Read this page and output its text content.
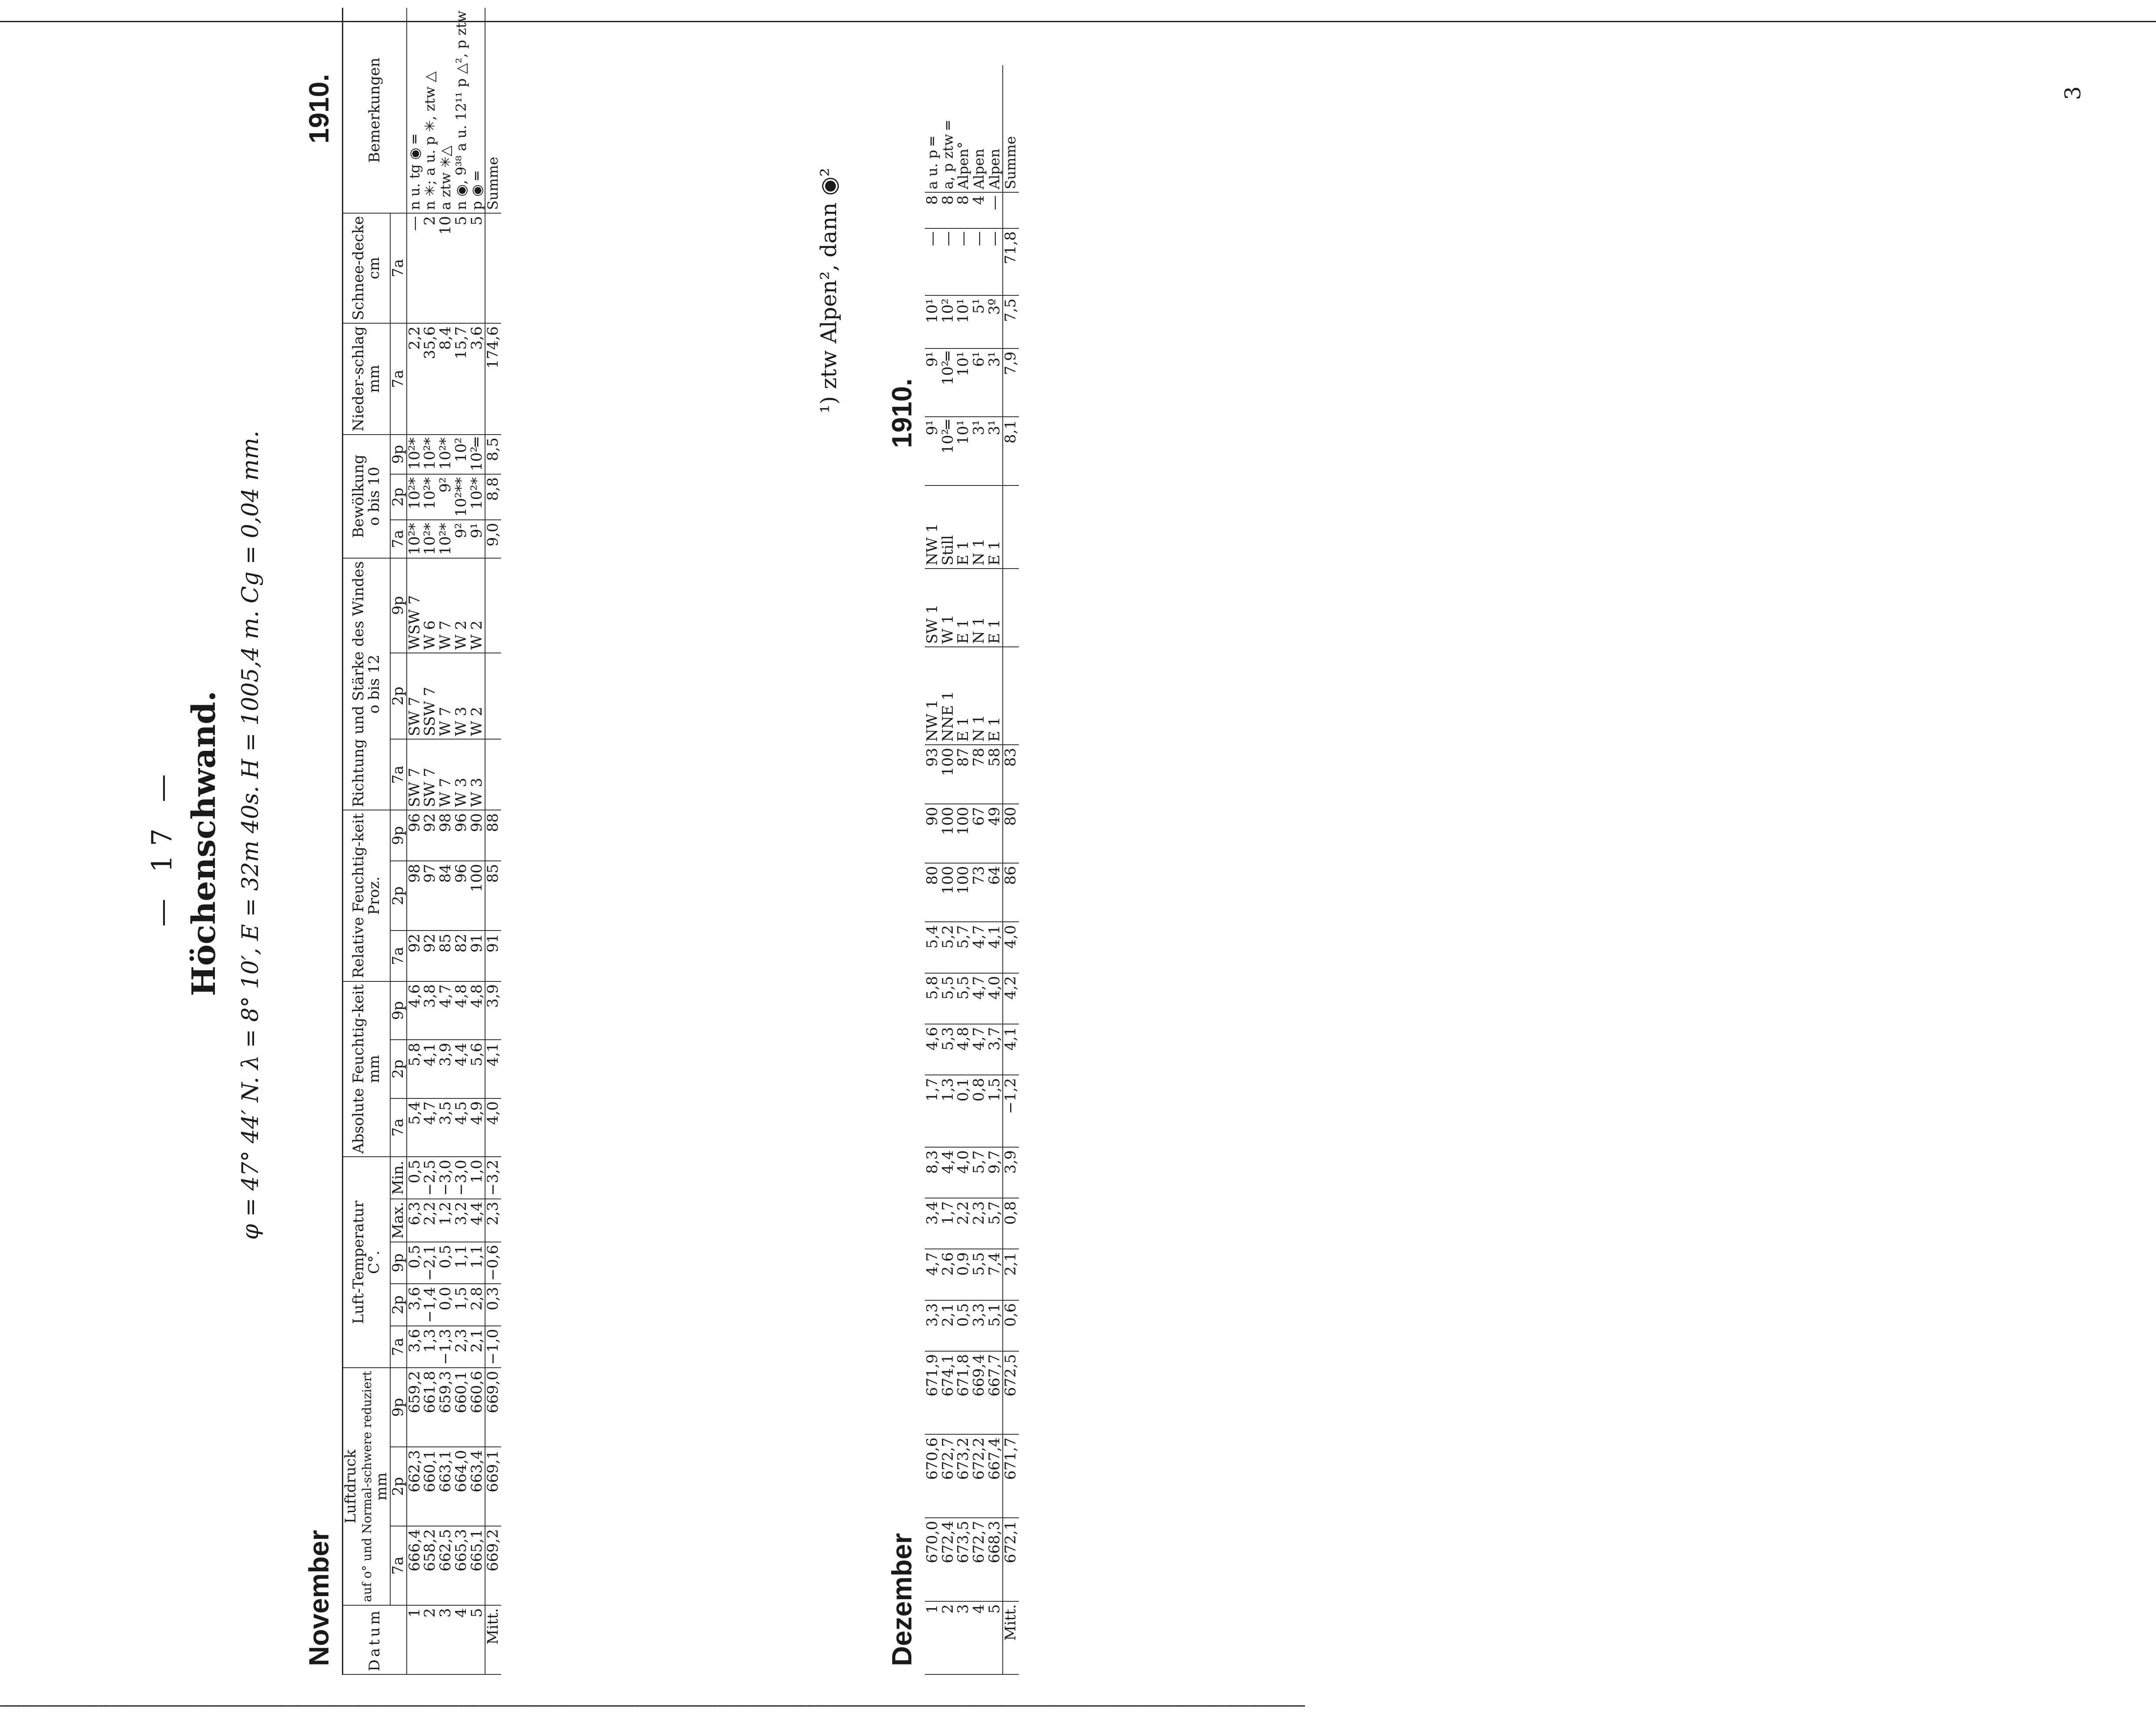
— 17 — Höchenschwand. φ = 47° 44′ N. λ = 8° 10′, E = 32m 40s. H = 1005,4 m. Cg = 0,04 mm.
November
1910.
Datum	Luftdruck
auf o° und Normal-schwere reduziert
mm			Luft-Temperatur
C°.					Absolute Feuchtig-keit
mm			Relative Feuchtig-keit
Proz.			Richtung und Stärke des Windes
o bis 12			Bewölkung
o bis 10			Nieder-schlag
mm	Schnee-decke
cm	Bemerkungen
	7a	2p	9p	7a	2p	9p	Max.	Min.	7a	2p	9p	7a	2p	9p	7a	2p	9p	7a	2p	9p	7a	7a	
1	666,4	662,3	659,2	3,6	3,6	0,5	6,3	0,5	5,4	5,8	4,6	92	98	96	SW 7	SW 7	WSW 7	10²*	10²*	10²*	2,2	—	n u. tg ◉ ═
2	658,2	660,1	661,8	1,3	−1,4	−2,1	2,2	−2,5	4,7	4,1	3,8	92	97	92	SW 7	SSW 7	W 6	10²*	10²*	10²*	35,6	2	n ✳; a u. p ✳, ztw △
3	662,5	663,1	659,3	−1,3	0,0	0,5	1,2	−3,0	3,5	3,9	4,7	85	84	98	W 7	W 7	W 7	10²*	9²	10²*	8,4	10	a ztw ✳△
4	665,3	664,0	660,1	2,3	1,5	1,1	3,2	−3,0	4,5	4,4	4,8	82	96	96	W 3	W 3	W 2	9²	10²**	10²	15,7	5	n ◉, 9³⁸ a u. 12¹¹ p △², p ztw
5	665,1	663,4	660,6	2,1	2,8	1,1	4,4	1,0	4,9	5,6	4,8	91	100	90	W 3	W 2	W 2	9¹	10²*	10²═	3,6	5	p ◉ ═
Mitt.	669,2	669,1	669,0	−1,0	0,3	−0,6	2,3	−3,2	4,0	4,1	3,9	91	85	88				9,0	8,8	8,5	174,6		Summe
Dezember
1910.
1	670,0	670,6	671,9	3,3	4,7	3,4	8,3	1,7	4,6	5,8	5,4	80	90	93	NW 1	SW 1	NW 1	9¹	9¹	10¹	—	8	a u. p ═
2	672,4	672,7	674,1	2,1	2,6	1,7	4,4	1,3	5,3	5,5	5,2	100	100	100	NNE 1	W 1	Still	10²═	10²═	10²	—	8	a, p ztw ═
3	673,5	673,2	671,8	0,5	0,9	2,2	4,0	0,1	4,8	5,5	5,7	100	100	87	E 1	E 1	E 1	10¹	10¹	10¹	—	8	Alpen°
4	672,7	672,2	669,4	3,3	5,5	2,3	5,7	0,8	4,7	4,7	4,7	73	67	78	N 1	N 1	N 1	3¹	6¹	5¹	—	4	Alpen
5	668,3	667,4	667,7	5,1	7,4	5,7	9,7	1,5	3,7	4,0	4,1	64	49	58	E 1	E 1	E 1	3¹	3¹	3º	—	—	Alpen
Mitt.	672,1	671,7	672,5	0,6	2,1	0,8	3,9	−1,2	4,1	4,2	4,0	86	80	83				8,1	7,9	7,5	71,8		Summe
¹) ztw Alpen², dann ◉²
3
